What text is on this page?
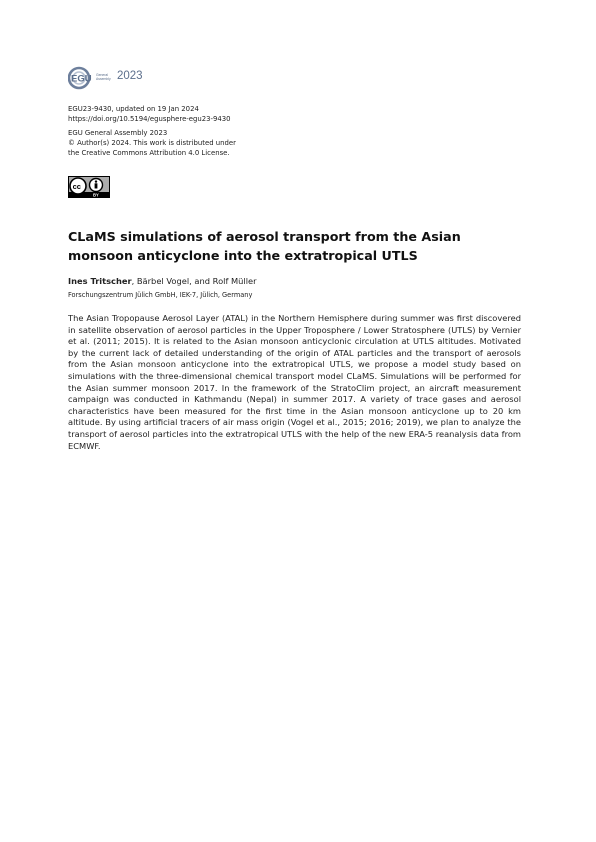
EGU General
Assembly 2023
EGU23-9430, updated on 19 Jan 2024
https://doi.org/10.5194/egusphere-egu23-9430
EGU General Assembly 2023
© Author(s) 2024. This work is distributed under
the Creative Commons Attribution 4.0 License.
cc
BY
CLaMS simulations of aerosol transport from the Asian monsoon anticyclone into the extratropical UTLS
Ines Tritscher, Bärbel Vogel, and Rolf Müller
Forschungszentrum Jülich GmbH, IEK-7, Jülich, Germany

The Asian Tropopause Aerosol Layer (ATAL) in the Northern Hemisphere during summer was first discovered in satellite observation of aerosol particles in the Upper Troposphere / Lower Stratosphere (UTLS) by Vernier et al. (2011; 2015). It is related to the Asian monsoon anticyclonic circulation at UTLS altitudes. Motivated by the current lack of detailed understanding of the origin of ATAL particles and the transport of aerosols from the Asian monsoon anticyclone into the extratropical UTLS, we propose a model study based on simulations with the three-dimensional chemical transport model CLaMS. Simulations will be performed for the Asian summer monsoon 2017. In the framework of the StratoClim project, an aircraft measurement campaign was conducted in Kathmandu (Nepal) in summer 2017. A variety of trace gases and aerosol characteristics have been measured for the first time in the Asian monsoon anticyclone up to 20 km altitude. By using artificial tracers of air mass origin (Vogel et al., 2015; 2016; 2019), we plan to analyze the transport of aerosol particles into the extratropical UTLS with the help of the new ERA-5 reanalysis data from ECMWF.
